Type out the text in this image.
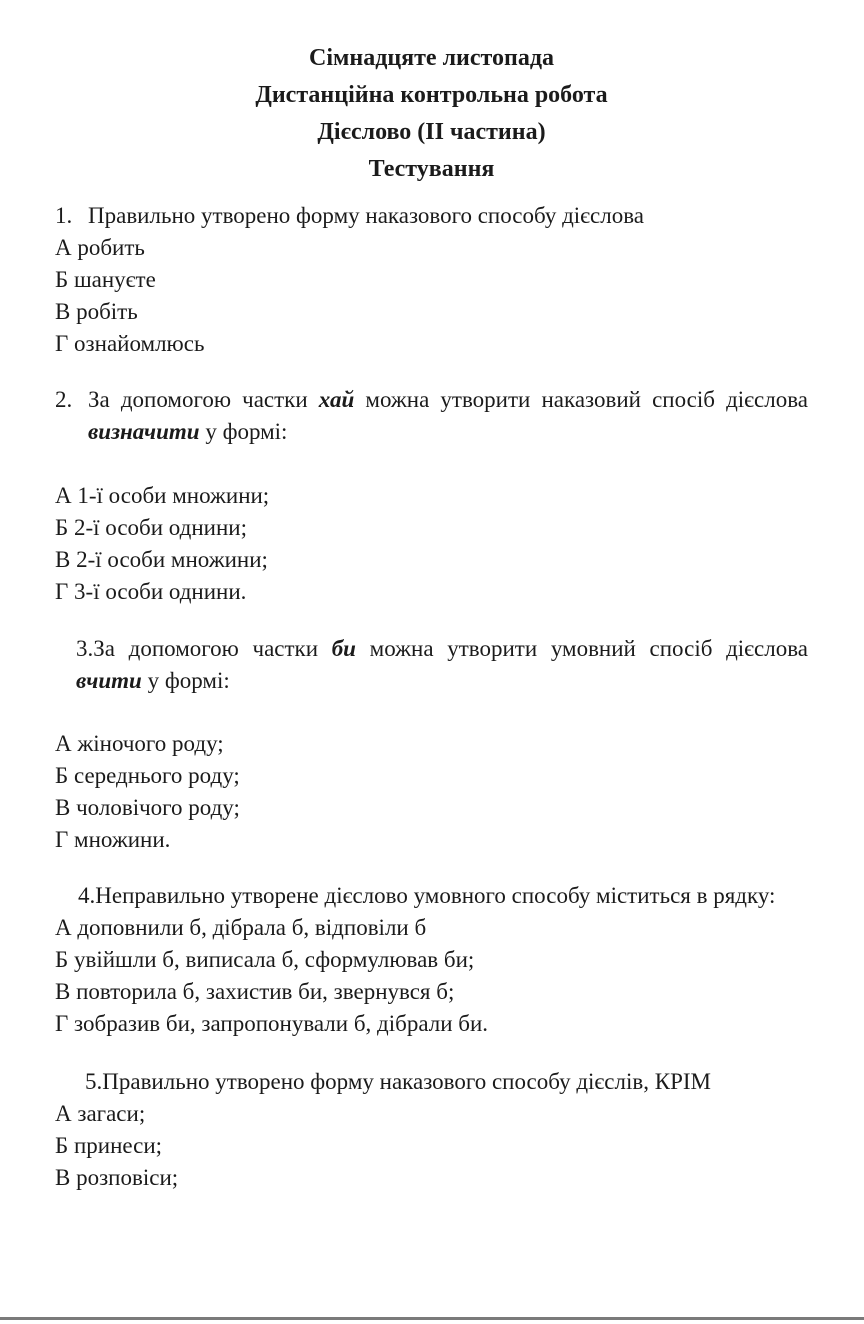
Сімнадцяте листопада
Дистанційна контрольна робота
Дієслово (ІІ частина)
Тестування

1. Правильно утворено форму наказового способу дієслова

А робить
Б шануєте
В робіть
Г ознайомлюсь
2. За допомогою частки хай можна утворити наказовий спосіб дієслова

визначити у формі:

А 1-ї особи множини;
Б 2-ї особи однини;
В 2-ї особи множини;
Г 3-ї особи однини.

3.За допомогою частки би можна утворити умовний спосіб дієслова

вчити у формі:

А жіночого роду;
Б середнього роду;
В чоловічого роду;
Г множини.

4.Неправильно утворене дієслово умовного способу міститься в рядку:

А доповнили б, дібрала б, відповіли б
Б увійшли б, виписала б, сформулював би;
В повторила б, захистив би, звернувся б;
Г зобразив би, запропонували б, дібрали би.

5.Правильно утворено форму наказового способу дієслів, КРІМ

А загаси;
Б принеси;
В розповіси;
